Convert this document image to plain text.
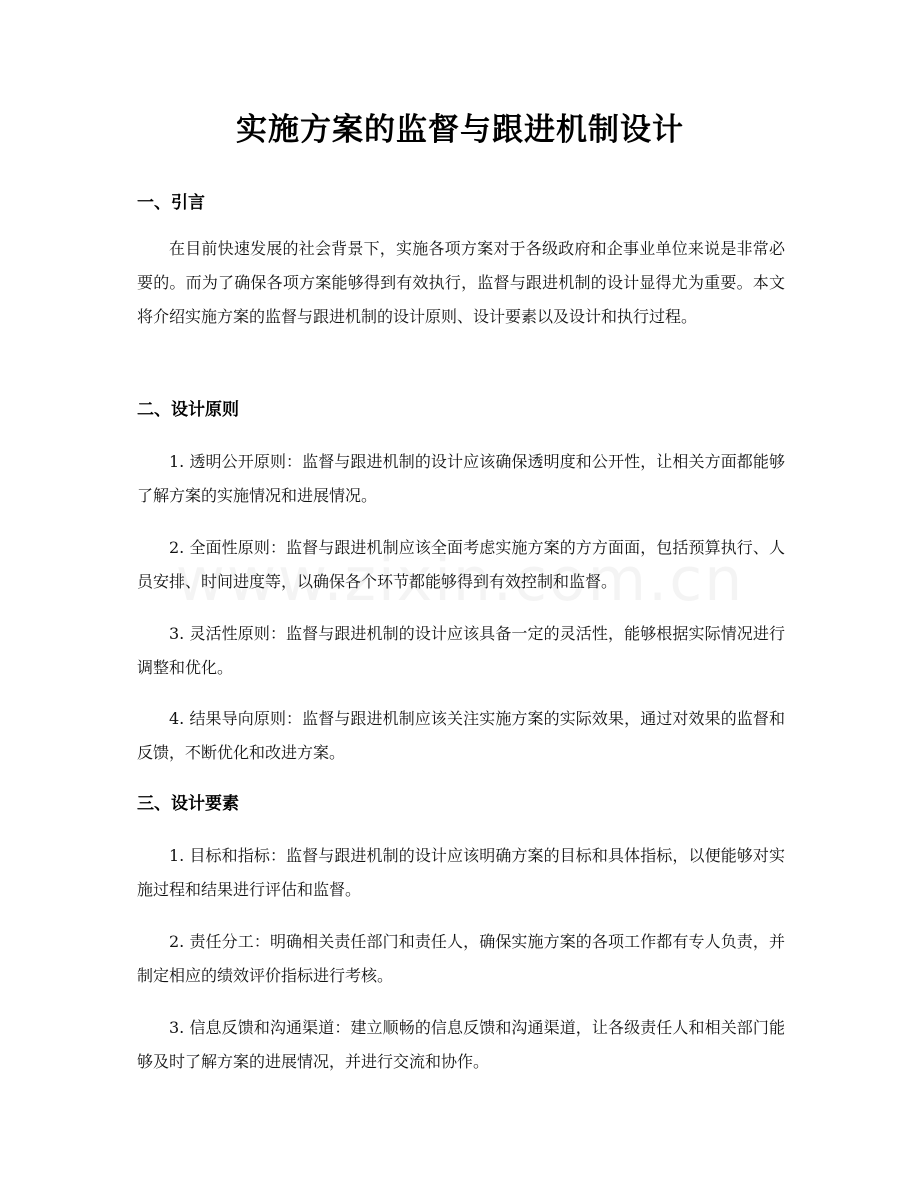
实施方案的监督与跟进机制设计
一、引言
在目前快速发展的社会背景下，实施各项方案对于各级政府和企事业单位来说是非常必要的。而为了确保各项方案能够得到有效执行，监督与跟进机制的设计显得尤为重要。本文将介绍实施方案的监督与跟进机制的设计原则、设计要素以及设计和执行过程。
二、设计原则
1. 透明公开原则：监督与跟进机制的设计应该确保透明度和公开性，让相关方面都能够了解方案的实施情况和进展情况。
2. 全面性原则：监督与跟进机制应该全面考虑实施方案的方方面面，包括预算执行、人员安排、时间进度等，以确保各个环节都能够得到有效控制和监督。
3. 灵活性原则：监督与跟进机制的设计应该具备一定的灵活性，能够根据实际情况进行调整和优化。
4. 结果导向原则：监督与跟进机制应该关注实施方案的实际效果，通过对效果的监督和反馈，不断优化和改进方案。
三、设计要素
1. 目标和指标：监督与跟进机制的设计应该明确方案的目标和具体指标，以便能够对实施过程和结果进行评估和监督。
2. 责任分工：明确相关责任部门和责任人，确保实施方案的各项工作都有专人负责，并制定相应的绩效评价指标进行考核。
3. 信息反馈和沟通渠道：建立顺畅的信息反馈和沟通渠道，让各级责任人和相关部门能够及时了解方案的进展情况，并进行交流和协作。
